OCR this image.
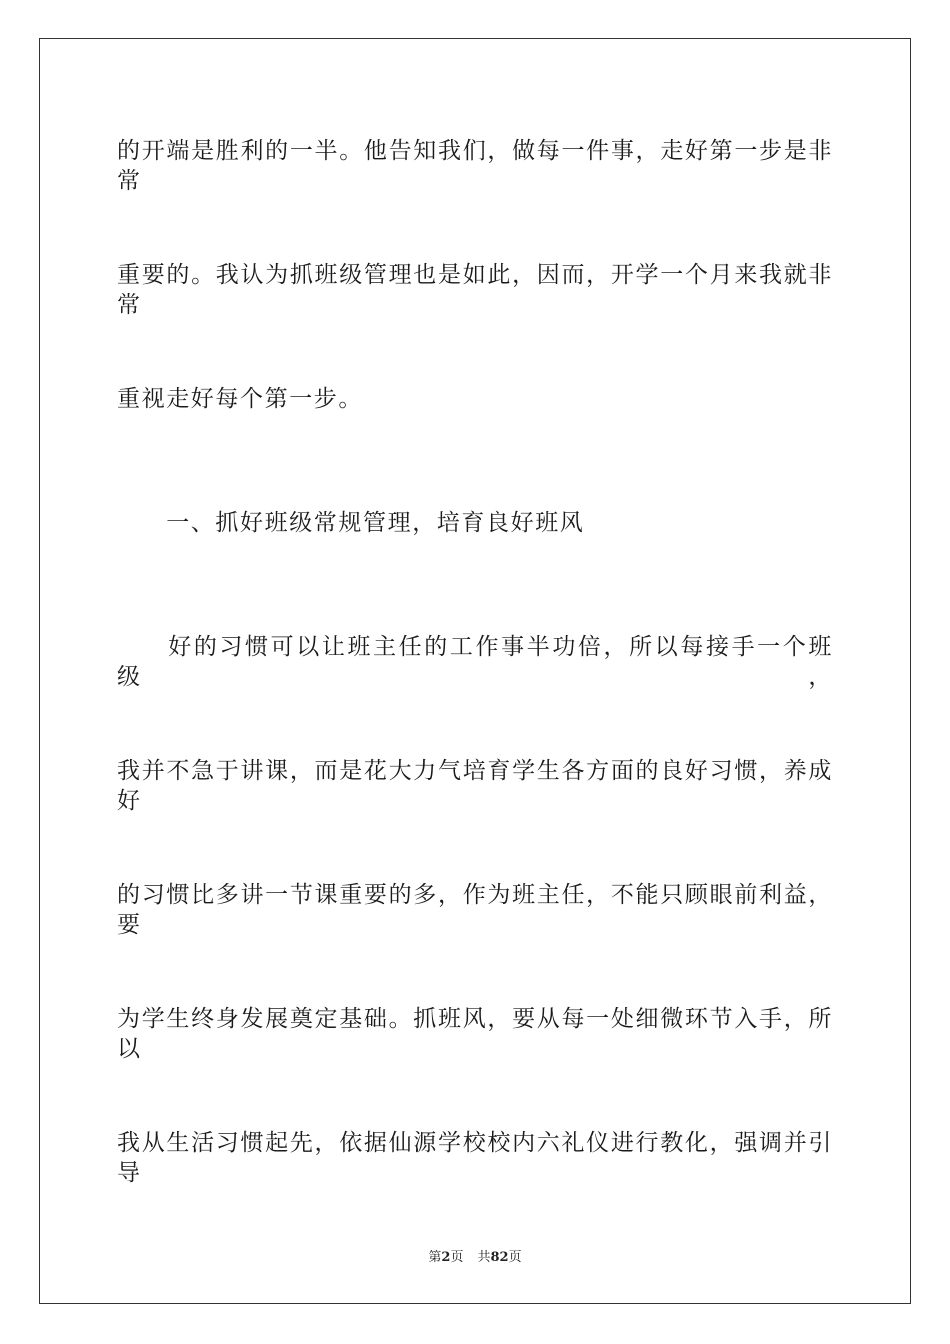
的开端是胜利的一半。他告知我们，做每一件事，走好第一步是非常
重要的。我认为抓班级管理也是如此，因而，开学一个月来我就非常
重视走好每个第一步。
　　一、抓好班级常规管理，培育良好班风
　　好的习惯可以让班主任的工作事半功倍，所以每接手一个班级，
我并不急于讲课，而是花大力气培育学生各方面的良好习惯，养成好
的习惯比多讲一节课重要的多，作为班主任，不能只顾眼前利益，要
为学生终身发展奠定基础。抓班风，要从每一处细微环节入手，所以
我从生活习惯起先，依据仙源学校校内六礼仪进行教化，强调并引导
第2页 共82页
